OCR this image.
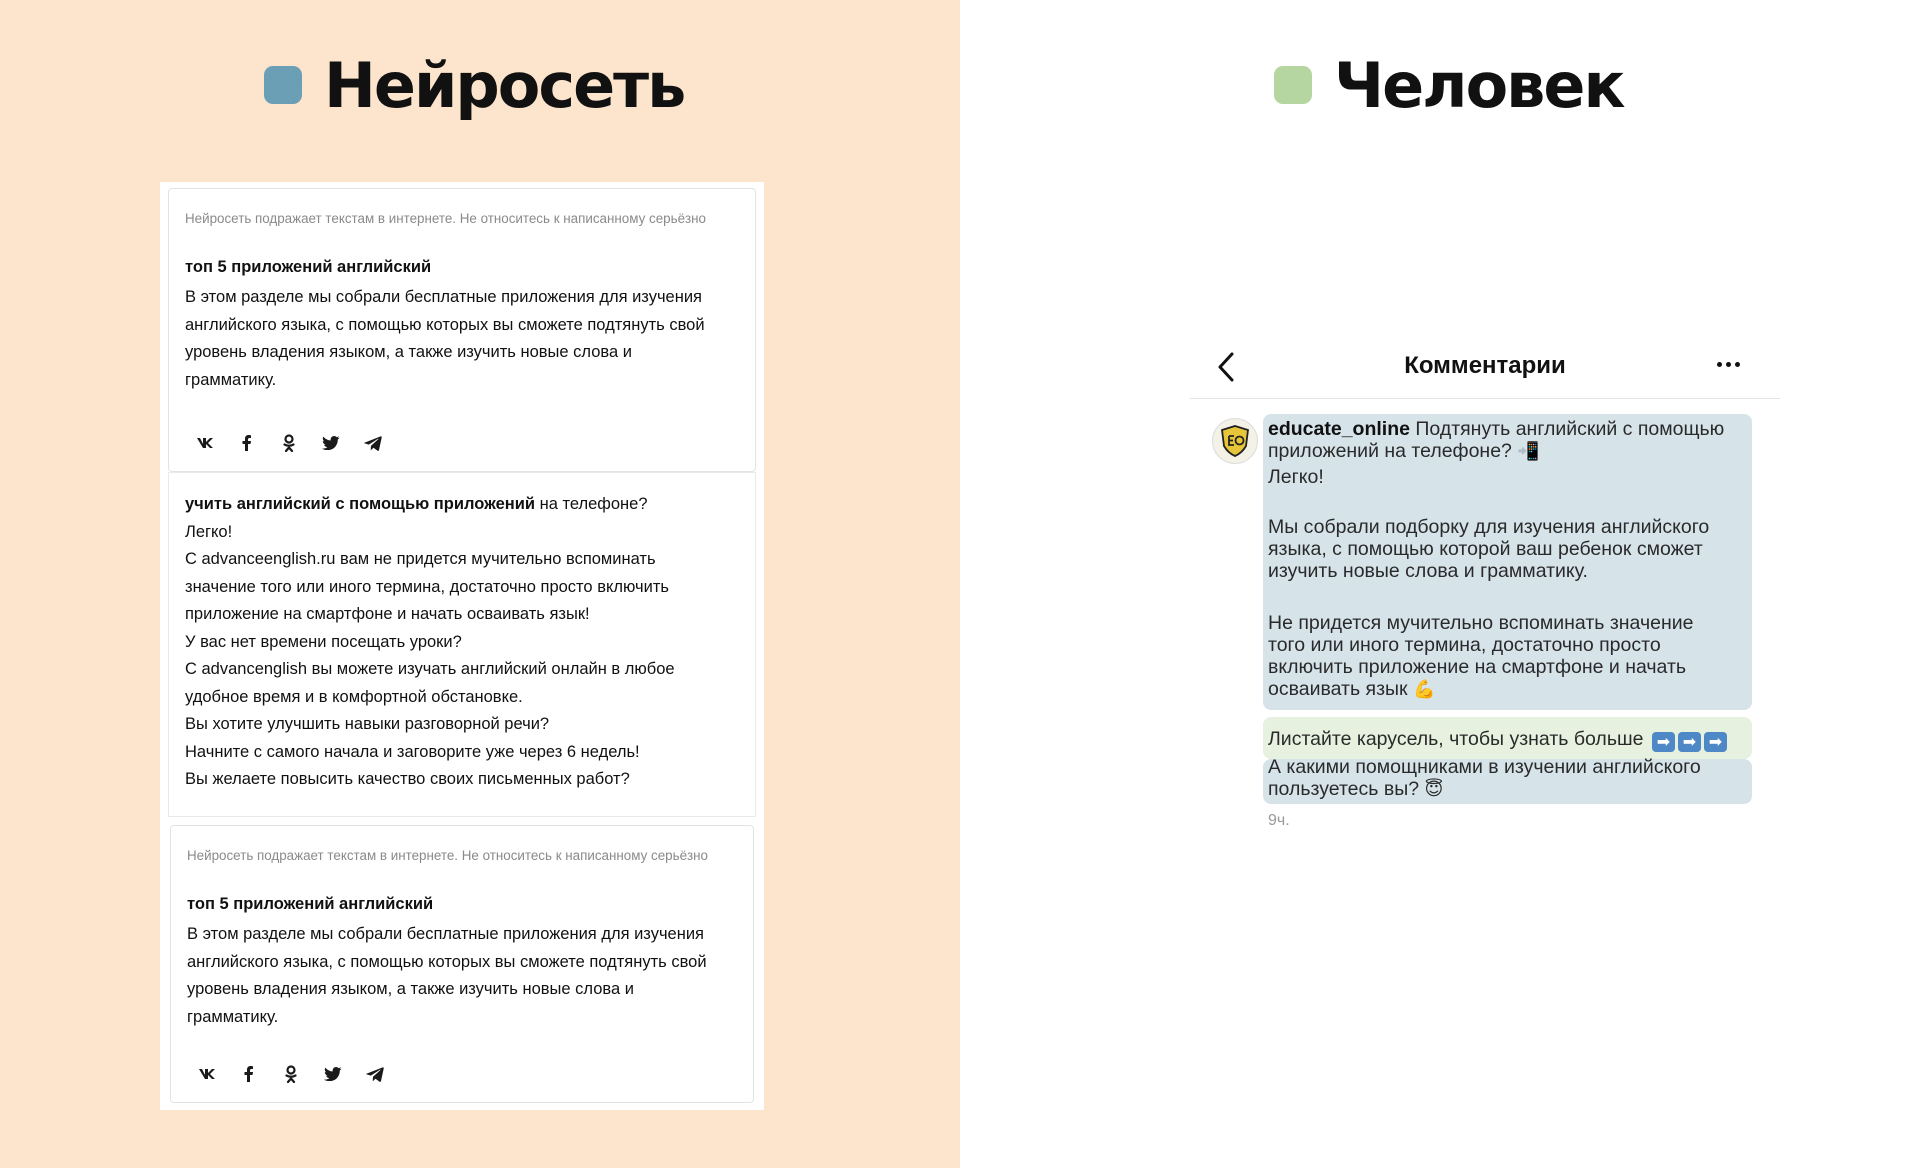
Нейросеть	Человек
Нейросеть подражает текстам в интернете. Не относитесь к написанному серьёзно
топ 5 приложений английский
В этом разделе мы собрали бесплатные приложения для изучения
английского языка, с помощью которых вы сможете подтянуть свой
уровень владения языком, а также изучить новые слова и
грамматику.
учить английский с помощью приложений на телефоне?
Легко!
С advanceenglish.ru вам не придется мучительно вспоминать
значение того или иного термина, достаточно просто включить
приложение на смартфоне и начать осваивать язык!
У вас нет времени посещать уроки?
С advancenglish вы можете изучать английский онлайн в любое
удобное время и в комфортной обстановке.
Вы хотите улучшить навыки разговорной речи?
Начните с самого начала и заговорите уже через 6 недель!
Вы желаете повысить качество своих письменных работ?
Нейросеть подражает текстам в интернете. Не относитесь к написанному серьёзно
топ 5 приложений английский
В этом разделе мы собрали бесплатные приложения для изучения
английского языка, с помощью которых вы сможете подтянуть свой
уровень владения языком, а также изучить новые слова и
грамматику.
Комментарии
educate_online Подтянуть английский с помощью
приложений на телефоне? 📲
Легко!
Мы собрали подборку для изучения английского
языка, с помощью которой ваш ребенок сможет
изучить новые слова и грамматику.
Не придется мучительно вспоминать значение
того или иного термина, достаточно просто
включить приложение на смартфоне и начать
осваивать язык 💪
Листайте карусель, чтобы узнать больше ➡ ➡ ➡
А какими помощниками в изучении английского
пользуетесь вы? 😇
9ч.
